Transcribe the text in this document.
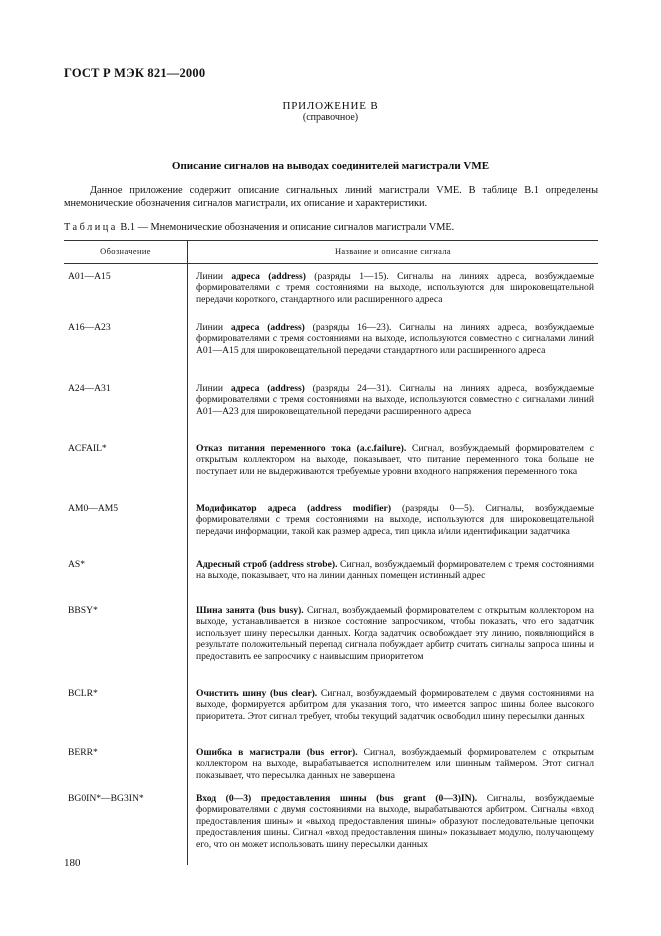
ГОСТ Р МЭК 821—2000
ПРИЛОЖЕНИЕ В
(справочное)
Описание сигналов на выводах соединителей магистрали VME
Данное приложение содержит описание сигнальных линий магистрали VME. В таблице В.1 определены мнемонические обозначения сигналов магистрали, их описание и характеристики.
Таблица В.1 — Мнемонические обозначения и описание сигналов магистрали VME.
Обозначение	Название и описание сигнала
A01—A15	Линии адреса (address) (разряды 1—15). Сигналы на линиях адреса, возбуждаемые формирователями с тремя состояниями на выходе, используются для широковещательной передачи короткого, стандартного или расширенного адреса
A16—A23	Линии адреса (address) (разряды 16—23). Сигналы на линиях адреса, возбуждаемые формирователями с тремя состояниями на выходе, используются совместно с сигналами линий A01—A15 для широковещательной передачи стандартного или расширенного адреса
A24—A31	Линии адреса (address) (разряды 24—31). Сигналы на линиях адреса, возбуждаемые формирователями с тремя состояниями на выходе, используются совместно с сигналами линий A01—A23 для широковещательной передачи расширенного адреса
ACFAIL*	Отказ питания переменного тока (a.c.failure). Сигнал, возбуждаемый формирователем с открытым коллектором на выходе, показывает, что питание переменного тока больше не поступает или не выдерживаются требуемые уровни входного напряжения переменного тока
AM0—AM5	Модификатор адреса (address modifier) (разряды 0—5). Сигналы, возбуждаемые формирователями с тремя состояниями на выходе, используются для широковещательной передачи информации, такой как размер адреса, тип цикла и/или идентификации задатчика
AS*	Адресный строб (address strobe). Сигнал, возбуждаемый формирователем с тремя состояниями на выходе, показывает, что на линии данных помещен истинный адрес
BBSY*	Шина занята (bus busy). Сигнал, возбуждаемый формирователем с открытым коллектором на выходе, устанавливается в низкое состояние запросчиком, чтобы показать, что его задатчик использует шину пересылки данных. Когда задатчик освобождает эту линию, появляющийся в результате положительный перепад сигнала побуждает арбитр считать сигналы запроса шины и предоставить ее запросчику с наивысшим приоритетом
BCLR*	Очистить шину (bus clear). Сигнал, возбуждаемый формирователем с двумя состояниями на выходе, формируется арбитром для указания того, что имеется запрос шины более высокого приоритета. Этот сигнал требует, чтобы текущий задатчик освободил шину пересылки данных
BERR*	Ошибка в магистрали (bus error). Сигнал, возбуждаемый формирователем с открытым коллектором на выходе, вырабатывается исполнителем или шинным таймером. Этот сигнал показывает, что пересылка данных не завершена
BG0IN*—BG3IN*	Вход (0—3) предоставления шины (bus grant (0—3)IN). Сигналы, возбуждаемые формирователями с двумя состояниями на выходе, вырабатываются арбитром. Сигналы «вход предоставления шины» и «выход предоставления шины» образуют последовательные цепочки предоставления шины. Сигнал «вход предоставления шины» показывает модулю, получающему его, что он может использовать шину пересылки данных
180
